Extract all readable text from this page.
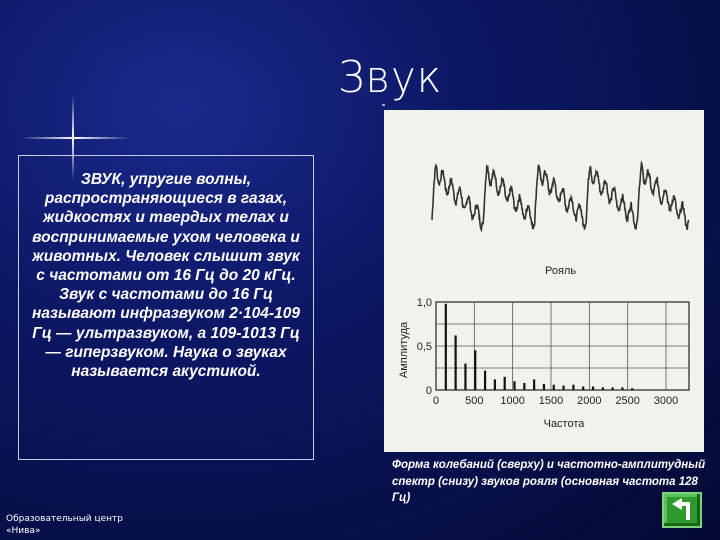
Звук
ЗВУК, упругие волны, распространяющиеся в газах, жидкостях и твердых телах и воспринимаемые ухом человека и животных. Человек слышит звук с частотами от 16 Гц до 20 кГц. Звук с частотами до 16 Гц называют инфразвуком 2·104-109 Гц — ультразвуком, а 109-1013 Гц — гиперзвуком. Наука о звуках называется акустикой.
Рояль
0 500 1000 1500 2000 2500 3000
0
0,5
1,0
Амплитуда
Частота
Форма колебаний (сверху) и частотно-амплитудный спектр (снизу) звуков рояля (основная частота 128 Гц)
Образовательный центр
«Нива»
